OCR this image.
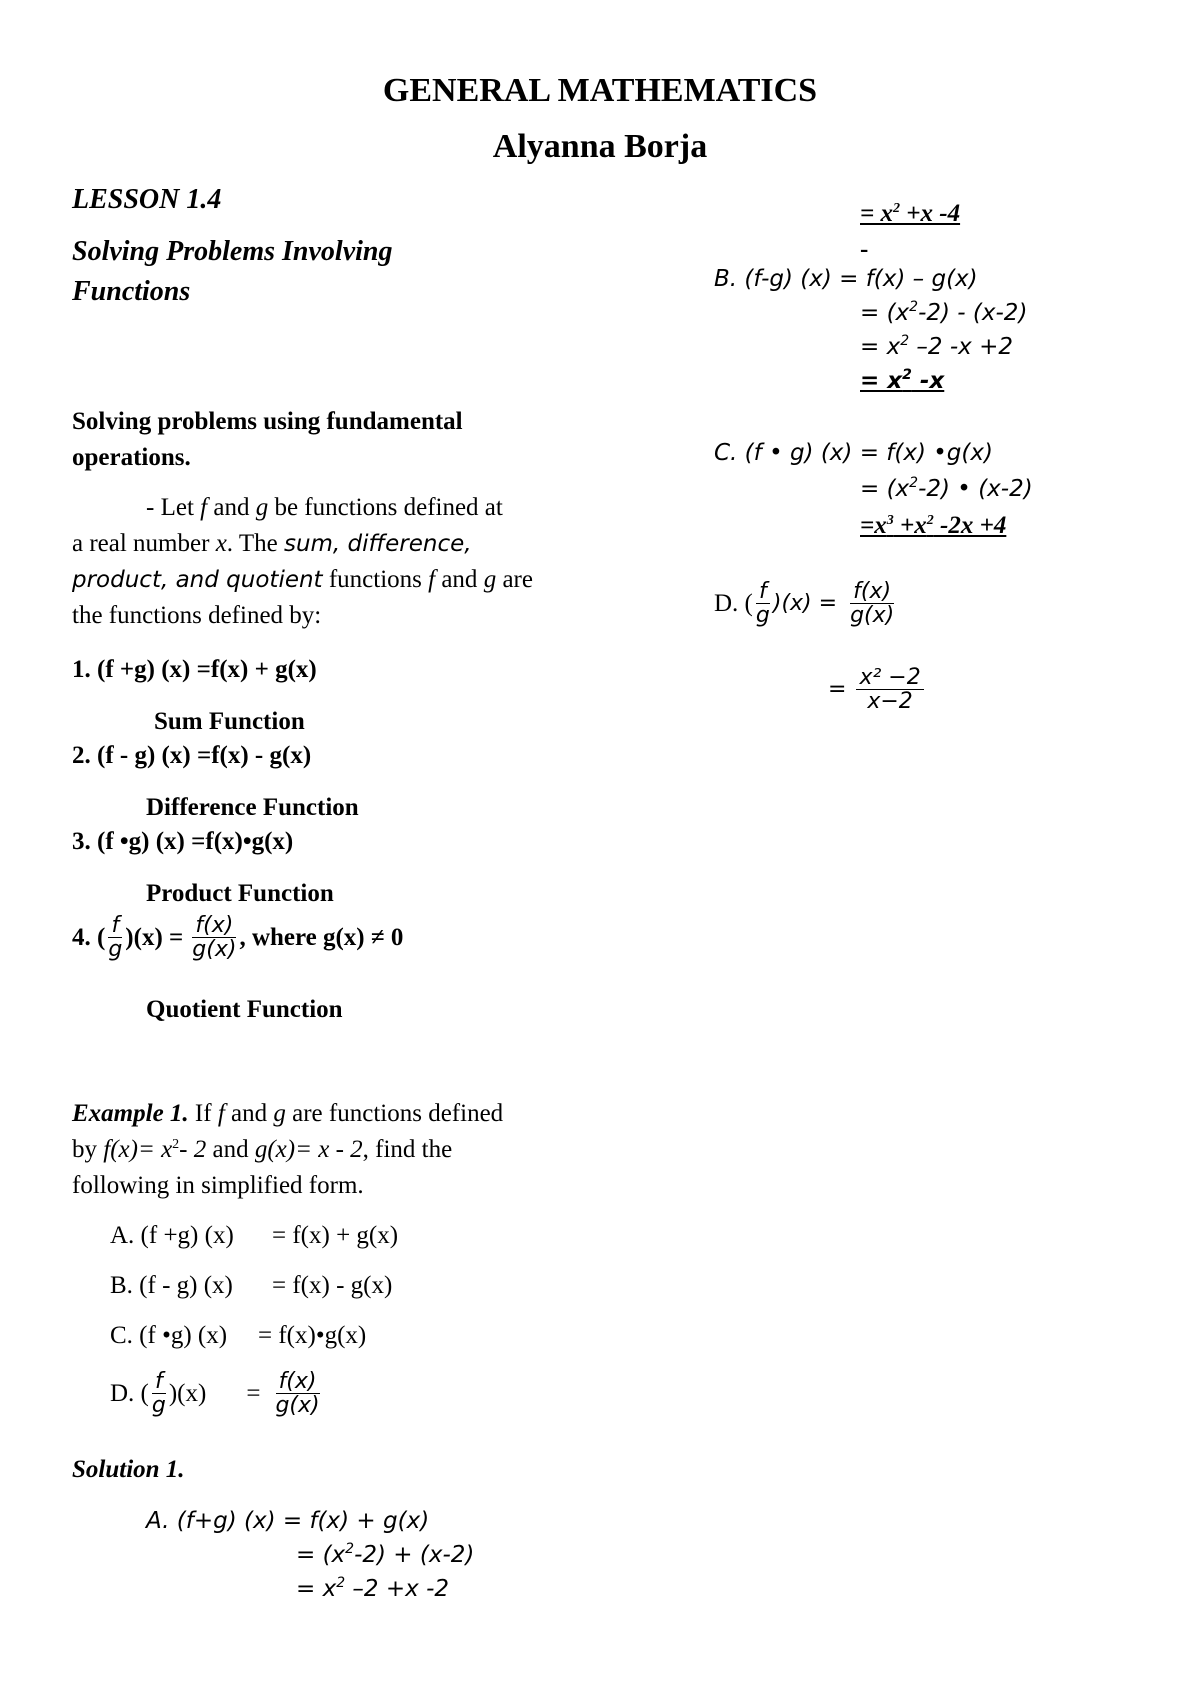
GENERAL MATHEMATICS
Alyanna Borja
LESSON 1.4
Solving Problems Involving
Functions
Solving problems using fundamental
operations.
- Let f and g be functions defined at
a real number x. The sum, difference,
product, and quotient functions f and g are
the functions defined by:
1. (f +g) (x) =f(x) + g(x)
Sum Function
2. (f - g) (x) =f(x) - g(x)
Difference Function
3. (f •g) (x) =f(x)•g(x)
Product Function
4. ( $\frac{f}{g} )(x) = \frac{f(x)}{g(x)}$ , where g(x) ≠ 0
Quotient Function
Example 1. If f and g are functions defined
by $f(x)= x^2-$ 2 and g(x)= x - 2, find the
following in simplified form.
A. (f +g) (x) = f(x) + g(x)
B. (f - g) (x) = f(x) - g(x)
C. (f •g) (x) = f(x)•g(x)
D. ( $\frac{f}{g} )(x) = \frac{f(x)}{g(x)}$
Solution 1.
A. (f+g) (x) = f(x) + g(x)
= $(x^2-2) + (x-2)$
= $x^2$ –2 +x -2
= $x^2 +x$ -4
-
B. (f-g) (x) = f(x) – g(x)
= $(x^2-2) - (x-2)$
= $x^2$ –2 -x +2
= $x^2$ -x
C. (f • g) (x) = f(x) •g(x)
= $(x^2-2)$ • (x-2)
$=x^3 +x^2$ -2x +4
D. ( $\frac{f}{g} )(x) = \frac{f(x)}{g(x)}$
= $\frac{\text{x² −2}}{x-2}$
